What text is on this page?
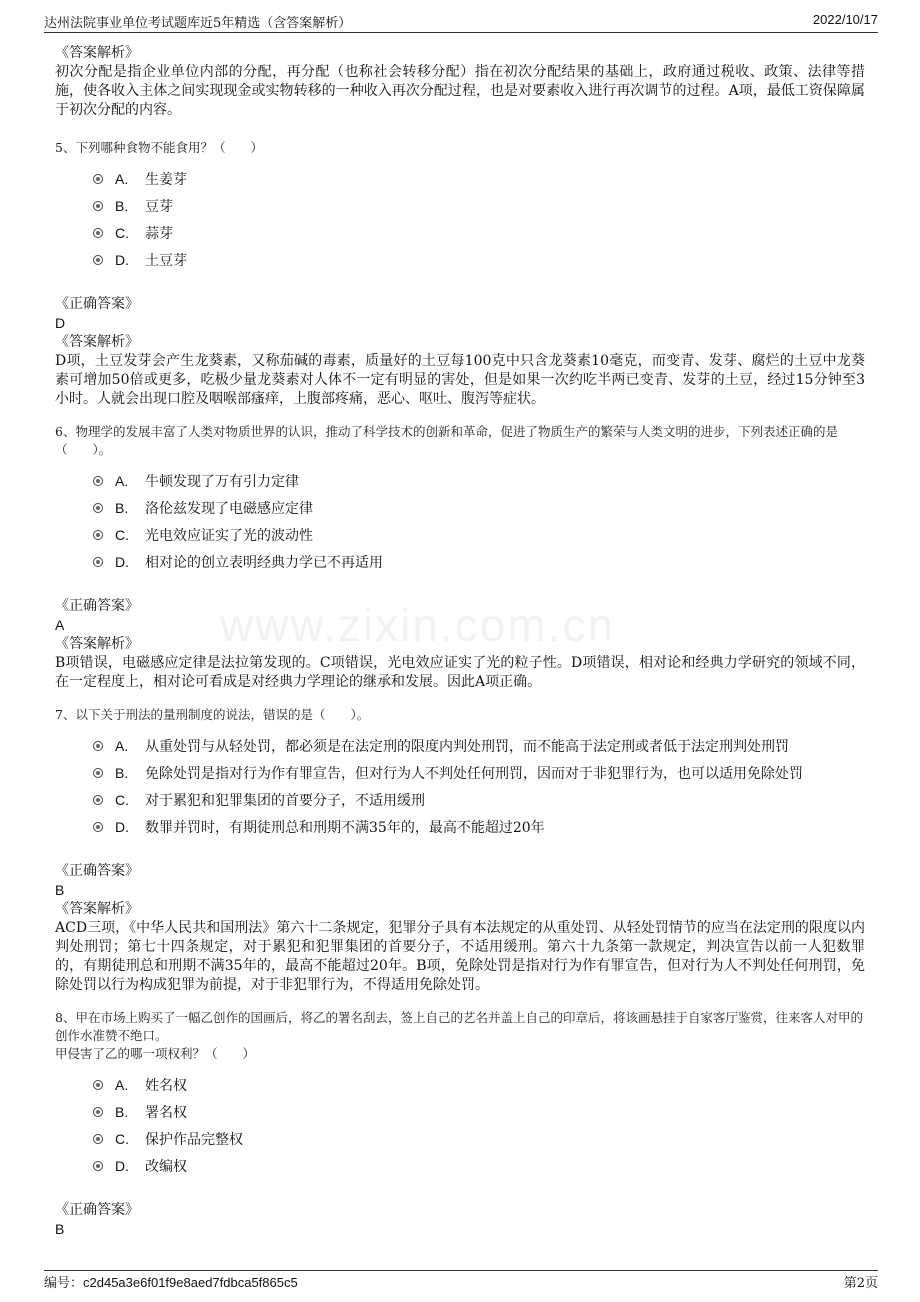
达州法院事业单位考试题库近5年精选（含答案解析）	2022/10/17
www.zixin.com.cn
《答案解析》
初次分配是指企业单位内部的分配，再分配（也称社会转移分配）指在初次分配结果的基础上，政府通过税收、政策、法律等措施，使各收入主体之间实现现金或实物转移的一种收入再次分配过程，也是对要素收入进行再次调节的过程。A项，最低工资保障属于初次分配的内容。
5、下列哪种食物不能食用？（　　）
A.	生姜芽
B.	豆芽
C.	蒜芽
D.	土豆芽
《正确答案》
D
《答案解析》
D项，土豆发芽会产生龙葵素，又称茄碱的毒素，质量好的土豆每100克中只含龙葵素10毫克，而变青、发芽、腐烂的土豆中龙葵素可增加50倍或更多，吃极少量龙葵素对人体不一定有明显的害处，但是如果一次约吃半两已变青、发芽的土豆，经过15分钟至3小时。人就会出现口腔及咽喉部瘙痒，上腹部疼痛，恶心、呕吐、腹泻等症状。
6、物理学的发展丰富了人类对物质世界的认识，推动了科学技术的创新和革命，促进了物质生产的繁荣与人类文明的进步，下列表述正确的是（　　）。
A.	牛顿发现了万有引力定律
B.	洛伦兹发现了电磁感应定律
C.	光电效应证实了光的波动性
D.	相对论的创立表明经典力学已不再适用
《正确答案》
A
《答案解析》
B项错误，电磁感应定律是法拉第发现的。C项错误，光电效应证实了光的粒子性。D项错误，相对论和经典力学研究的领域不同，在一定程度上，相对论可看成是对经典力学理论的继承和发展。因此A项正确。
7、以下关于刑法的量刑制度的说法，错误的是（　　）。
A.	从重处罚与从轻处罚，都必须是在法定刑的限度内判处刑罚，而不能高于法定刑或者低于法定刑判处刑罚
B.	免除处罚是指对行为作有罪宣告，但对行为人不判处任何刑罚，因而对于非犯罪行为，也可以适用免除处罚
C.	对于累犯和犯罪集团的首要分子，不适用缓刑
D.	数罪并罚时，有期徒刑总和刑期不满35年的，最高不能超过20年
《正确答案》
B
《答案解析》
ACD三项，《中华人民共和国刑法》第六十二条规定，犯罪分子具有本法规定的从重处罚、从轻处罚情节的应当在法定刑的限度以内判处刑罚；第七十四条规定，对于累犯和犯罪集团的首要分子，不适用缓刑。第六十九条第一款规定，判决宣告以前一人犯数罪的，有期徒刑总和刑期不满35年的，最高不能超过20年。B项，免除处罚是指对行为作有罪宣告，但对行为人不判处任何刑罚，免除处罚以行为构成犯罪为前提，对于非犯罪行为，不得适用免除处罚。
8、甲在市场上购买了一幅乙创作的国画后，将乙的署名刮去，签上自己的艺名并盖上自己的印章后，将该画悬挂于自家客厅鉴赏，往来客人对甲的创作水准赞不绝口。
甲侵害了乙的哪一项权利？（　　）
A.	姓名权
B.	署名权
C.	保护作品完整权
D.	改编权
《正确答案》
B
编号：c2d45a3e6f01f9e8aed7fdbca5f865c5	第2页
